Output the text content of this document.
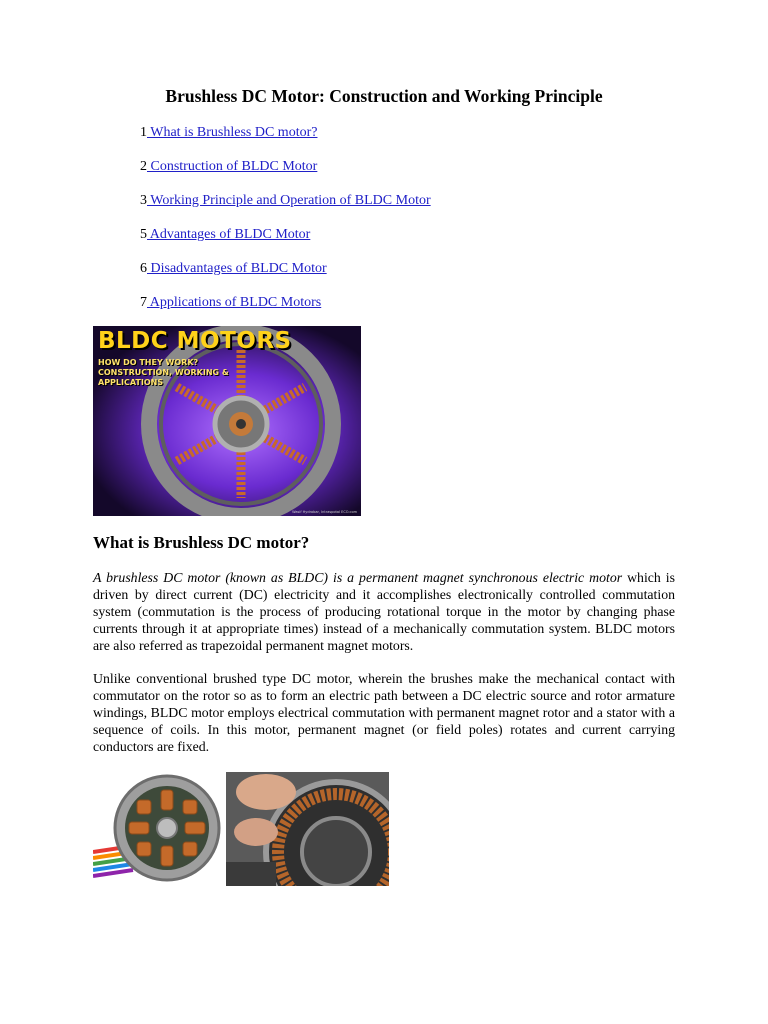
Brushless DC Motor: Construction and Working Principle
1 What is Brushless DC motor?
2 Construction of BLDC Motor
3 Working Principle and Operation of BLDC Motor
5 Advantages of BLDC Motor
6 Disadvantages of BLDC Motor
7 Applications of BLDC Motors
BLDC MOTORS
HOW DO THEY WORK? CONSTRUCTION, WORKING & APPLICATIONS
Wasif Hydrobar, Intraspotal ECO.com
What is Brushless DC motor?

A brushless DC motor (known as BLDC) is a permanent magnet synchronous electric motor which is driven by direct current (DC) electricity and it accomplishes electronically controlled commutation system (commutation is the process of producing rotational torque in the motor by changing phase currents through it at appropriate times) instead of a mechanically commutation system. BLDC motors are also referred as trapezoidal permanent magnet motors.

Unlike conventional brushed type DC motor, wherein the brushes make the mechanical contact with commutator on the rotor so as to form an electric path between a DC electric source and rotor armature windings, BLDC motor employs electrical commutation with permanent magnet rotor and a stator with a sequence of coils. In this motor, permanent magnet (or field poles) rotates and current carrying conductors are fixed.
